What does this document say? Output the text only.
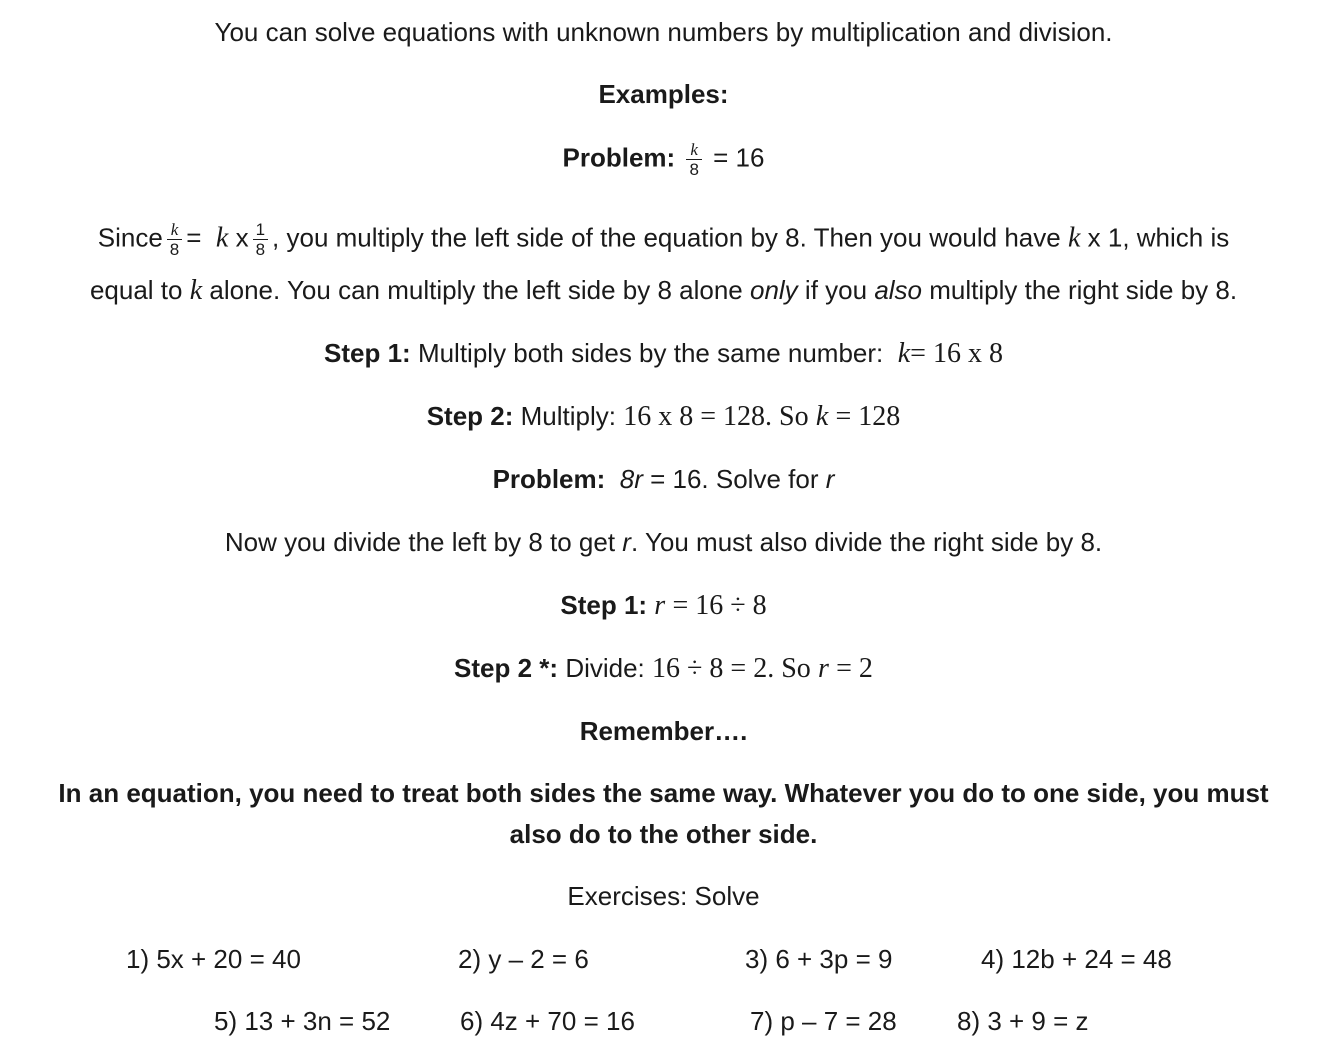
You can solve equations with unknown numbers by multiplication and division.
Examples:
Problem: $\frac{k}{8} = 16$
Since $\frac{k}{8} = k$ x $\frac{1}{8}$ , you multiply the left side of the equation by 8. Then you would have k x 1, which is
equal to k alone. You can multiply the left side by 8 alone only if you also multiply the right side by 8.
Step 1: Multiply both sides by the same number: k= 16 x 8
Step 2: Multiply: 16 x 8 = 128. So k = 128
Problem: 8r = 16. Solve for r
Now you divide the left by 8 to get r. You must also divide the right side by 8.
Step 1: r = 16 ÷ 8
Step 2 *: Divide: 16 ÷ 8 = 2. So r = 2
Remember….
In an equation, you need to treat both sides the same way. Whatever you do to one side, you must
also do to the other side.
Exercises: Solve
1) 5x + 20 = 40	2) y – 2 = 6	3) 6 + 3p = 9	4) 12b + 24 = 48
5) 13 + 3n = 52	6) 4z + 70 = 16	7) p – 7 = 28 8) 3 + 9 = z
